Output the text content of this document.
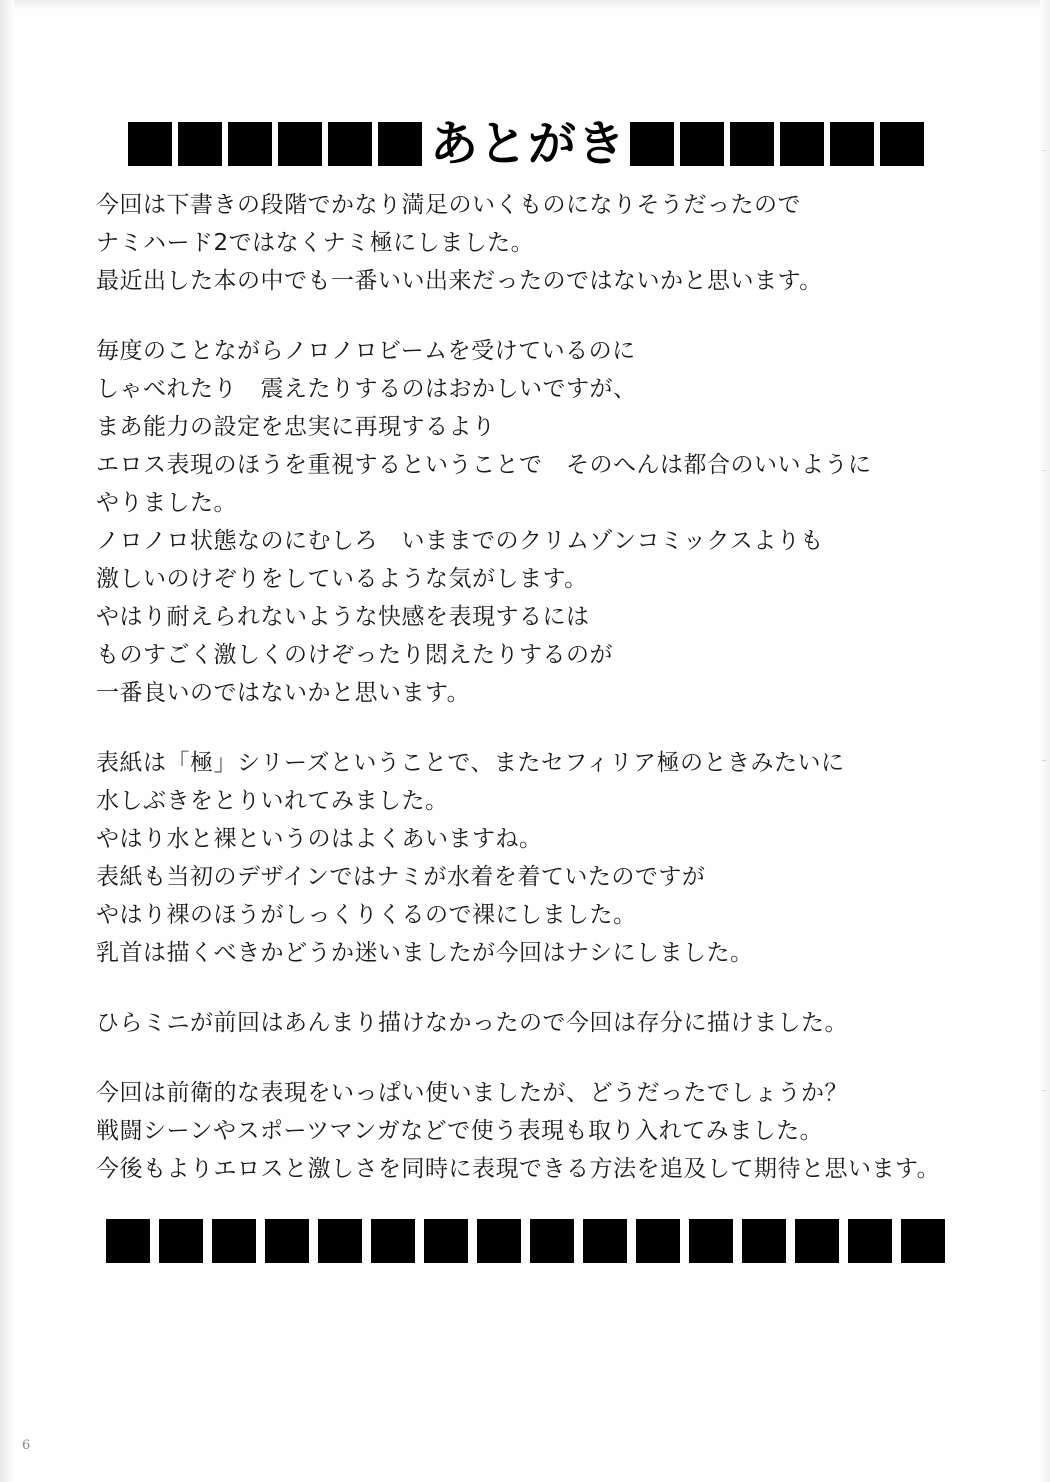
あとがき
今回は下書きの段階でかなり満足のいくものになりそうだったので
ナミハード2ではなくナミ極にしました。
最近出した本の中でも一番いい出来だったのではないかと思います。
毎度のことながらノロノロビームを受けているのに
しゃべれたり　震えたりするのはおかしいですが、
まあ能力の設定を忠実に再現するより
エロス表現のほうを重視するということで　そのへんは都合のいいように
やりました。
ノロノロ状態なのにむしろ　いままでのクリムゾンコミックスよりも
激しいのけぞりをしているような気がします。
やはり耐えられないような快感を表現するには
ものすごく激しくのけぞったり悶えたりするのが
一番良いのではないかと思います。
表紙は「極」シリーズということで、またセフィリア極のときみたいに
水しぶきをとりいれてみました。
やはり水と裸というのはよくあいますね。
表紙も当初のデザインではナミが水着を着ていたのですが
やはり裸のほうがしっくりくるので裸にしました。
乳首は描くべきかどうか迷いましたが今回はナシにしました。
ひらミニが前回はあんまり描けなかったので今回は存分に描けました。
今回は前衛的な表現をいっぱい使いましたが、どうだったでしょうか？
戦闘シーンやスポーツマンガなどで使う表現も取り入れてみました。
今後もよりエロスと激しさを同時に表現できる方法を追及して期待と思います。
6
